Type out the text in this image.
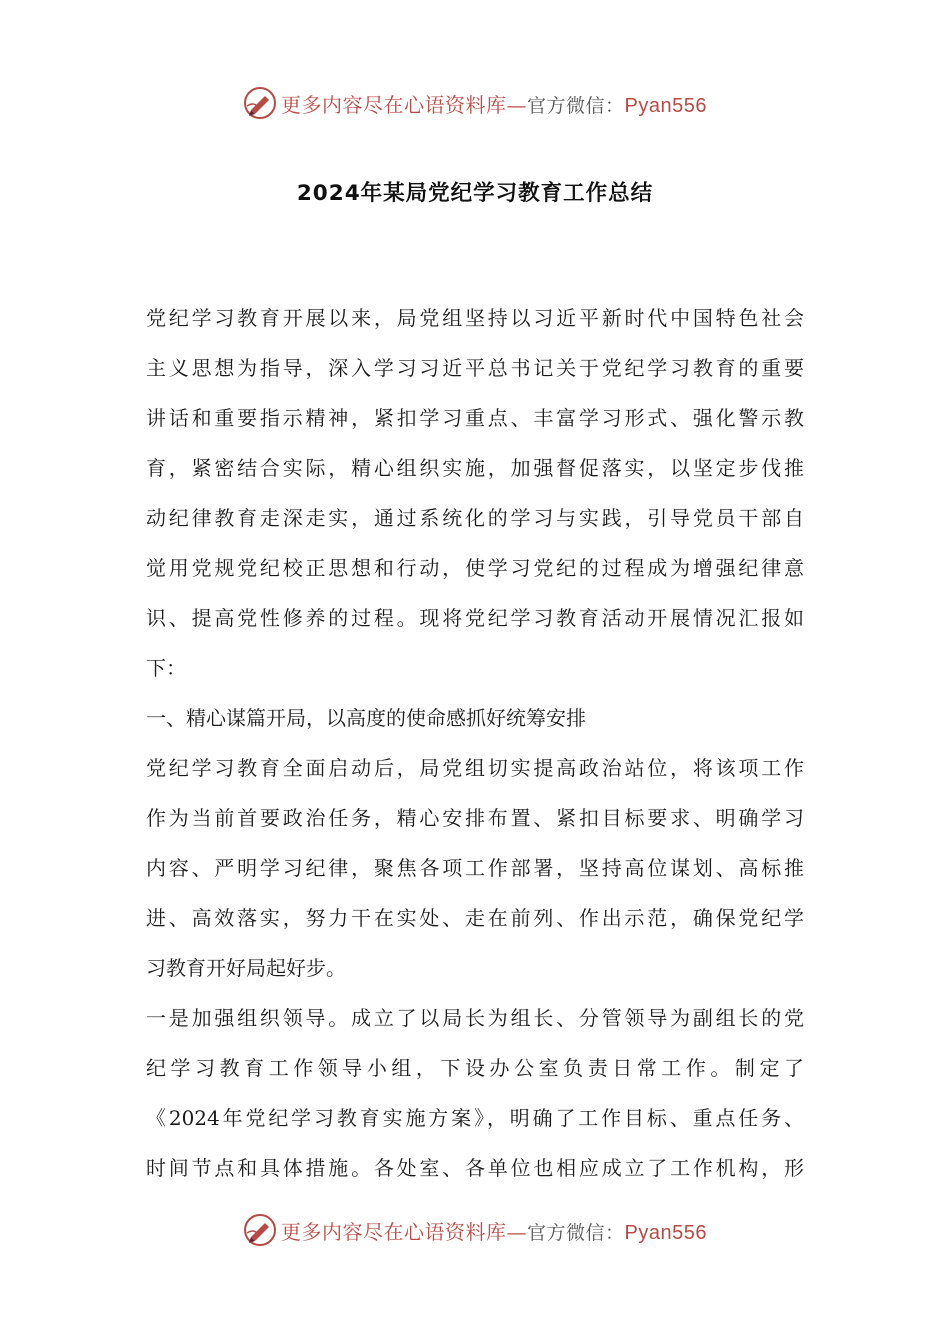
更多内容尽在心语资料库—官方微信：Pyan556
2024年某局党纪学习教育工作总结
党纪学习教育开展以来，局党组坚持以习近平新时代中国特色社会
主义思想为指导，深入学习习近平总书记关于党纪学习教育的重要
讲话和重要指示精神，紧扣学习重点、丰富学习形式、强化警示教
育，紧密结合实际，精心组织实施，加强督促落实，以坚定步伐推
动纪律教育走深走实，通过系统化的学习与实践，引导党员干部自
觉用党规党纪校正思想和行动，使学习党纪的过程成为增强纪律意
识、提高党性修养的过程。现将党纪学习教育活动开展情况汇报如
下：
一、精心谋篇开局，以高度的使命感抓好统筹安排
党纪学习教育全面启动后，局党组切实提高政治站位，将该项工作
作为当前首要政治任务，精心安排布置、紧扣目标要求、明确学习
内容、严明学习纪律，聚焦各项工作部署，坚持高位谋划、高标推
进、高效落实，努力干在实处、走在前列、作出示范，确保党纪学
习教育开好局起好步。
一是加强组织领导。成立了以局长为组长、分管领导为副组长的党
纪学习教育工作领导小组，下设办公室负责日常工作。制定了
《2024年党纪学习教育实施方案》，明确了工作目标、重点任务、
时间节点和具体措施。各处室、各单位也相应成立了工作机构，形
更多内容尽在心语资料库—官方微信：Pyan556
